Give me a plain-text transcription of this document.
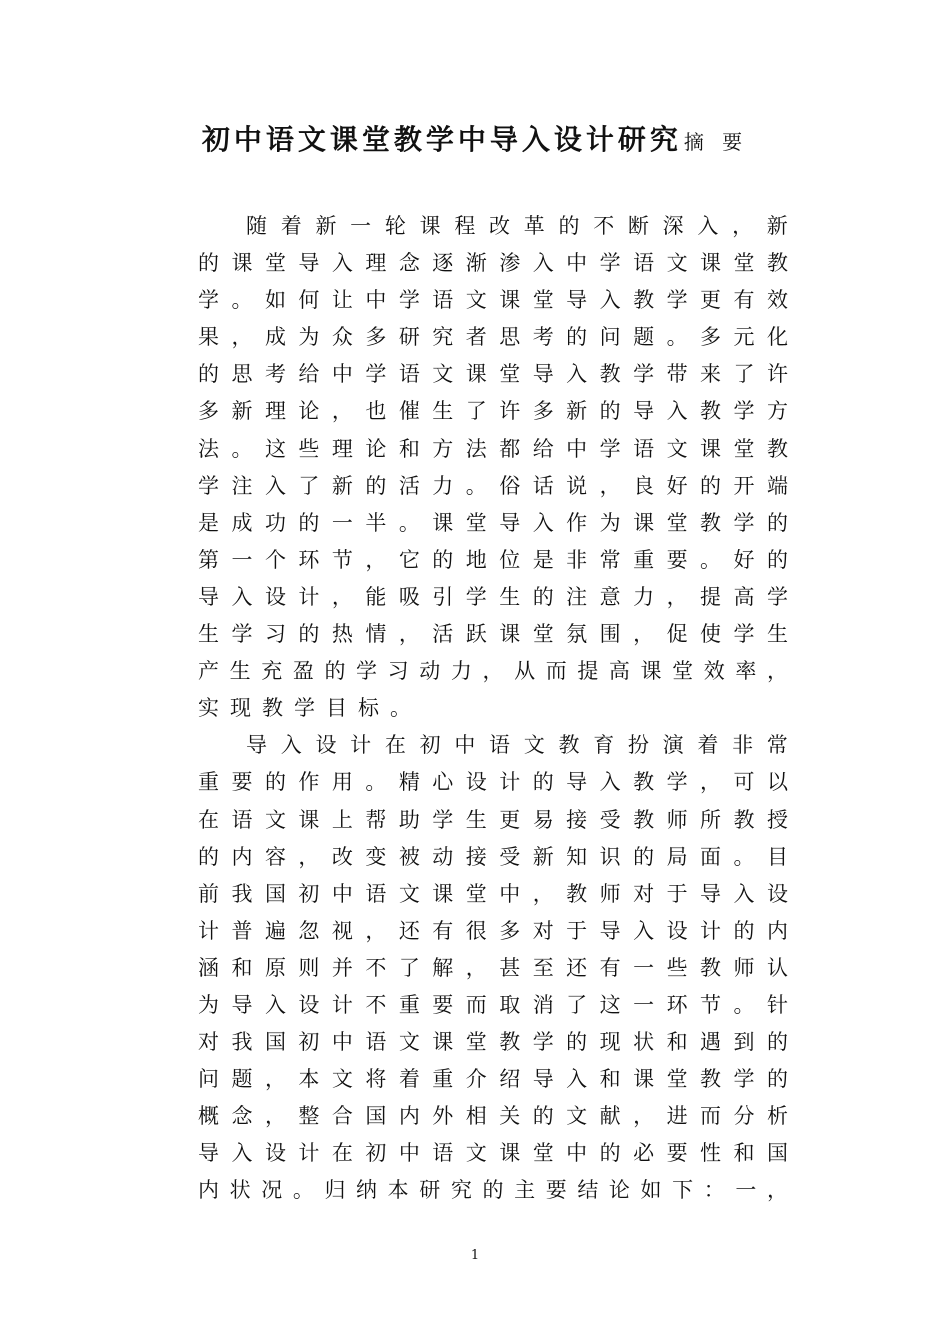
初中语文课堂教学中导入设计研究 摘 要
随 着 新 一 轮 课 程 改 革 的 不 断 深 入 ， 新
的 课 堂 导 入 理 念 逐 渐 渗 入 中 学 语 文 课 堂 教
学 。 如 何 让 中 学 语 文 课 堂 导 入 教 学 更 有 效
果 ， 成 为 众 多 研 究 者 思 考 的 问 题 。 多 元 化
的 思 考 给 中 学 语 文 课 堂 导 入 教 学 带 来 了 许
多 新 理 论 ， 也 催 生 了 许 多 新 的 导 入 教 学 方
法 。 这 些 理 论 和 方 法 都 给 中 学 语 文 课 堂 教
学 注 入 了 新 的 活 力 。 俗 话 说 ， 良 好 的 开 端
是 成 功 的 一 半 。 课 堂 导 入 作 为 课 堂 教 学 的
第 一 个 环 节 ， 它 的 地 位 是 非 常 重 要 。 好 的
导 入 设 计 ， 能 吸 引 学 生 的 注 意 力 ， 提 高 学
生 学 习 的 热 情 ， 活 跃 课 堂 氛 围 ， 促 使 学 生
产 生 充 盈 的 学 习 动 力 ， 从 而 提 高 课 堂 效 率 ，
实 现 教 学 目 标 。
导 入 设 计 在 初 中 语 文 教 育 扮 演 着 非 常
重 要 的 作 用 。 精 心 设 计 的 导 入 教 学 ， 可 以
在 语 文 课 上 帮 助 学 生 更 易 接 受 教 师 所 教 授
的 内 容 ， 改 变 被 动 接 受 新 知 识 的 局 面 。 目
前 我 国 初 中 语 文 课 堂 中 ， 教 师 对 于 导 入 设
计 普 遍 忽 视 ， 还 有 很 多 对 于 导 入 设 计 的 内
涵 和 原 则 并 不 了 解 ， 甚 至 还 有 一 些 教 师 认
为 导 入 设 计 不 重 要 而 取 消 了 这 一 环 节 。 针
对 我 国 初 中 语 文 课 堂 教 学 的 现 状 和 遇 到 的
问 题 ， 本 文 将 着 重 介 绍 导 入 和 课 堂 教 学 的
概 念 ， 整 合 国 内 外 相 关 的 文 献 ， 进 而 分 析
导 入 设 计 在 初 中 语 文 课 堂 中 的 必 要 性 和 国
内 状 况 。 归 纳 本 研 究 的 主 要 结 论 如 下 ： 一 ，
1
